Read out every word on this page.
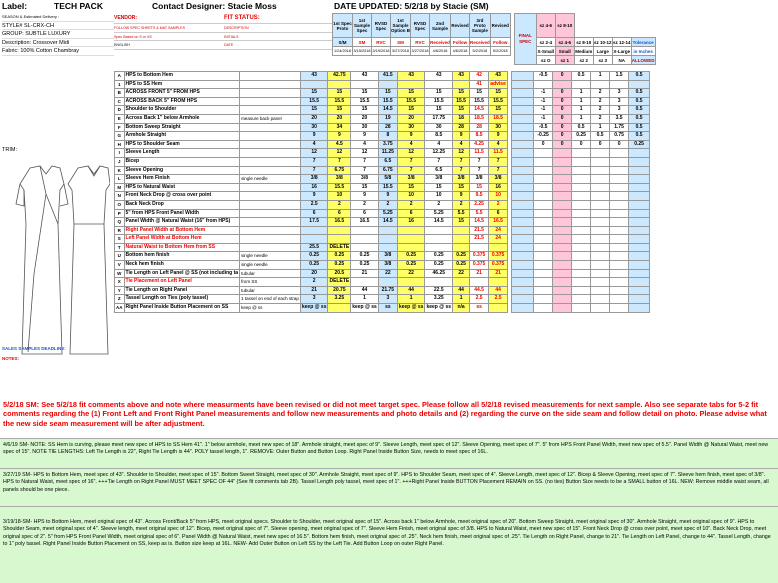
Label:	TECH PACK	Contact Designer: Stacie Moss	DATE UPDATED: 5/2/18 by Stacie (SM)
SEASON & Estimated Delivery :
STYLE# SL-CRX-CH
GROUP: SUBTLE LUXURY
Description: Crossover Midi
Fabric: 100% Cotton Chambray
TRIM:
SALES SAMPLES DEADLINE:
NOTES:
VENDOR:	FIT STATUS:
FOLLOW SPEC SHEETS & MAT SAMPLES	DESCRIPTION
Spec Based on S or XS	INITIALS
ENGLISH	DATE
1st Spec Proto	1st Sample Spec	RVSD Spec	1st Sample Option B	RVSD Spec	2nd Sample	Revised	3rd Proto Sample	Revised		FINAL SPEC	sz 4-6	sz 8-10				
S/M	SM	RVC	SM	RVC	Received	Follow	Received	Follow			sz 2-4	sz 4-6	sz 8-10	sz 10-12	sz 12-14	Tolerance
1/24/2018	3/15/2018	3/19/2018	3/27/2018	3/27/2018	4/6/2018	4/6/2018	5/2/2018	5/2/2018			X-Small	Small	Medium	Large	X-Large	in Inches
											sz O	sz 1	sz 2	sz 3	NA	ALLOWED
A	HPS to Bottom Hem		43	42.75	43	41.5	43	43	43	42	43			-0.5	0	0.5	1	1.5	0.5
1	HPS to SS Hem									41	advise								
B	ACROSS FRONT 5" FROM HPS		15	15	15	15	15	15	15	15	15			-1	0	1	2	3	0.5
C	ACROSS BACK 5" FROM HPS		15.5	15.5	15.5	15.5	15.5	15.5	15.5	15.5	15.5			-1	0	1	2	3	0.5
D	Shoulder to Shoulder		15	15	15	14.5	15	15	15	14.5	15			-1	0	1	2	3	0.5
E	Across Back 1" below Armhole	measure back panel	20	20	20	19	20	17.75	18	18.5	18.5			-1	0	1	2	3.5	0.5
F	Bottom Sweep Straight		30	34	30	28	30	30	28	28	30			-0.5	0	0.5	1	1.75	0.5
G	Armhole Straight		9	9	9	8	9	8.5	9	8.5	9			-0.25	0	0.25	0.5	0.75	0.5
H	HPS to Shoulder Seam		4	4.5	4	3.75	4	4	4	4.25	4			0	0	0	0	0	0.25
I	Sleeve Length		12	12	12	11.25	12	12.25	12	11.5	11.5								
J	Bicep		7	7	7	6.5	7	7	7	7	7								
K	Sleeve Opening		7	6.75	7	6.75	7	6.5	7	7	7								
L	Sleeve Hem Finish	single needle	3/8	3/8	3/8	5/8	3/8	3/8	3/8	3/8	3/8								
M	HPS to Natural Waist		16	15.5	15	15.5	15	15	15	15	16								
N	Front Neck Drop @ cross over point		9	10	9	9	10	10	9	9.5	10								
O	Back Neck Drop		2.5	2	2	2	2	2	2	2.25	2								
P	5" from HPS Front Panel Width		6	6	6	5.25	6	5.25	5.5	5.5	6								
Q	Panel Width @ Natural Waist (16" from HPS)		17.5	16.5	16.5	14.5	16	14.5	15	14.5	16.5								
R	Right Panel Width at Bottom Hem									21.5	24								
S	Left Panel Width at Bottom Hem									21.5	24								
T	Natural Waist to Bottom Hem from SS		25.5	DELETE															
U	Bottom hem finish	single needle	0.25	0.25	0.25	3/8	0.25	0.25	0.25	0.375	0.375								
V	Neck hem finish	single needle	0.25	0.25	0.25	3/8	0.25	0.25	0.25	0.375	0.375								
W	Tie Length on Left Panel @ SS (not including ta	tubular	20	20.5	21	22	22	46.25	22	21	21								
X	Tie Placement on Left Panel	from SS	2	DELETE															
Y	Tie Length on Right Panel	tubular	21	20.75	44	21.75	44	22.5	44	44.5	44								
Z	Tassel Length on Ties (poly tassel)	1 tassel on end of each strap	3	3.25	1	3	1	3.25	1	2.5	2.5								
AA	Right Panel Inside Button Placement on SS	keep @ ss	keep @ ss		keep @ ss	ss	keep @ ss	keep @ ss	n/a	ss									
5/2/18 SM: See 5/2/18 fit comments above and note where measurments have been revised or did not meet target spec. Please follow all 5/2/18 revised measurements for next sample. Also see separate tabs for 5-2 fit comments regarding the (1) Front Left and Front Right Panel measurements and follow new measurements and photo details and (2) regarding the curve on the side seam and follow detail on photo. Please advise what the new side seam measurement will be after adjustment.
4/6/19 SM- NOTE: SS Hem is curving, please meet new spec of HPS to SS Hem 41". 1" below armhole, meet new spec of 18". Armhole straight, meet spec of 9". Sleeve Length, meet spec of 12". Sleeve Opening, meet spec of 7". 5" from HPS Front Panel Width, meet new spec of 5.5". Panel Width @ Natural Waist, meet new spec of 15". NOTE TIE LENGTHS: Left Tie Length is 22", Right Tie Length is 44". POLY tassel length, 1". REMOVE: Outer Button and Button Loop. Right Panel Inside Button Size, needs to meet spec of 16L.
3/27/19 SM- HPS to Bottom Hem, meet spec of 43". Shoulder to Shoulder, meet spec of 15". Bottom Sweet Straight, meet spec of 30". Armhole Straight, meet spec of 9". HPS to Shoulder Seam, meet spec of 4". Sleeve Length, meet spec of 12". Bicep & Sleeve Opening, meet spec of 7". Sleeve hem finish, meet spec of 3/8". HPS to Natural Waist, meet spec of 16". +++Tie Length on Right Panel MUST MEET SPEC OF 44" (See fit comments tab 2B). Tassel Length poly tassel, meet spec of 1". +++Right Panel Inside BUTTON Placement REMAIN on SS. (no ties) Button Size needs to be a SMALL button of 16L. NEW: Remove middle waist seam, all panels should be one piece.
3/19/18-SM- HPS to Bottom Hem, meet original spec of 43". Across Front/Back 5" from HPS, meet original specs. Shoulder to Shoulder, meet original spec of 15". Across back 1" below Armhole, meet original spec of 20". Bottom Sweep Straight, meet original spec of 30". Armhole Straight, meet original spec of 9". HPS to Shoulder Seam, meet original spec of 4". Sleeve length, meet original spec of 12". Bicep, meet original spec of 7". Sleeve opening, meet original spec of 7". Sleeve Hem Finish, meet original spec of 3/8. HPS to Natural Waist, meet new spec of 15". Front Neck Drop @ cross over point, meet spec of 10". Back Neck Drop, meet original spec of 2". 5" from HPS Front Panel Width, meet original spec of 6". Panel Width @ Natural Waist, meet new spec of 16.5". Bottom hem finish, meet original spec of .25". Neck hem finish, meet original spec of .25". Tie Length on Right Panel, change to 21". Tie Length on Left Panel, change to 44". Tassel Length, change to 1" poly tassel. Right Panel Inside Button Placement on SS, keep as is. Button size keep at 16L. NEW- Add Outer Button on Left SS by the Left Tie. Add Button Loop on outer Right Panel.
